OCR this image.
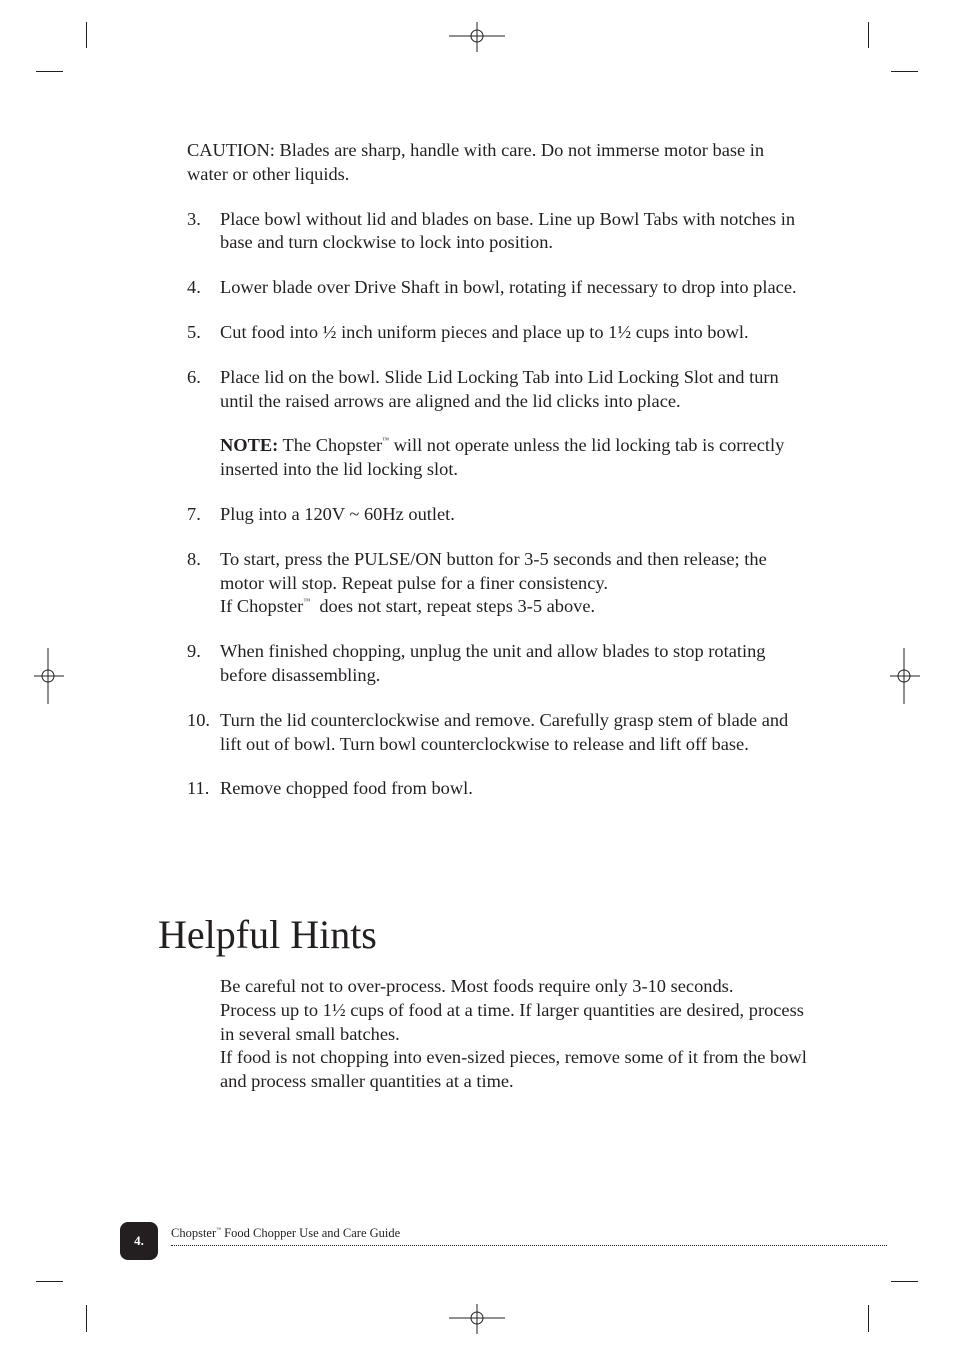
CAUTION: Blades are sharp, handle with care. Do not immerse motor base in water or other liquids.

3. Place bowl without lid and blades on base. Line up Bowl Tabs with notches in base and turn clockwise to lock into position.
4. Lower blade over Drive Shaft in bowl, rotating if necessary to drop into place.
5. Cut food into ½ inch uniform pieces and place up to 1½ cups into bowl.
6. Place lid on the bowl. Slide Lid Locking Tab into Lid Locking Slot and turn until the raised arrows are aligned and the lid clicks into place.
NOTE: The Chopster™ will not operate unless the lid locking tab is correctly inserted into the lid locking slot.
7. Plug into a 120V ~ 60Hz outlet.
8. To start, press the PULSE/ON button for 3-5 seconds and then release; the motor will stop. Repeat pulse for a finer consistency.
If Chopster™  does not start, repeat steps 3-5 above.
9. When finished chopping, unplug the unit and allow blades to stop rotating before disassembling.
10. Turn the lid counterclockwise and remove. Carefully grasp stem of blade and lift out of bowl. Turn bowl counterclockwise to release and lift off base.
11. Remove chopped food from bowl.
Helpful Hints

Be careful not to over-process. Most foods require only 3-10 seconds.

Process up to 1½ cups of food at a time. If larger quantities are desired, process in several small batches.

If food is not chopping into even-sized pieces, remove some of it from the bowl and process smaller quantities at a time.

4.	Chopster™ Food Chopper Use and Care Guide
